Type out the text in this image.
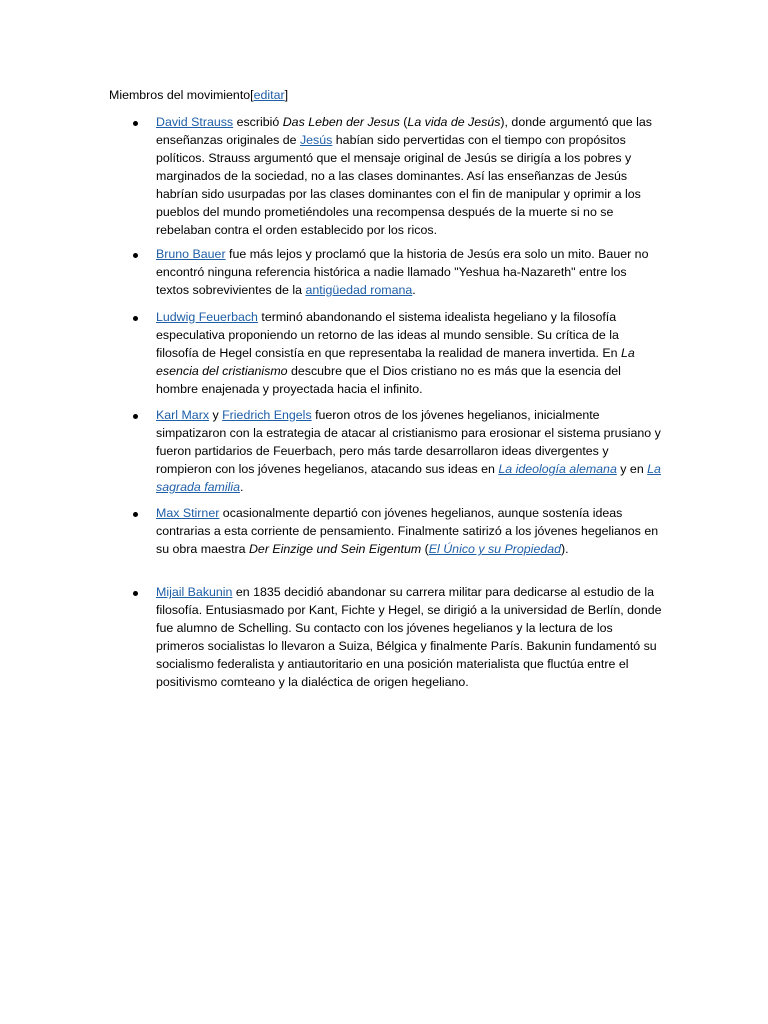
Miembros del movimiento[editar]

David Strauss escribió Das Leben der Jesus (La vida de Jesús), donde argumentó que las enseñanzas originales de Jesús habían sido pervertidas con el tiempo con propósitos políticos. Strauss argumentó que el mensaje original de Jesús se dirigía a los pobres y marginados de la sociedad, no a las clases dominantes. Así las enseñanzas de Jesús habrían sido usurpadas por las clases dominantes con el fin de manipular y oprimir a los pueblos del mundo prometiéndoles una recompensa después de la muerte si no se rebelaban contra el orden establecido por los ricos.

Bruno Bauer fue más lejos y proclamó que la historia de Jesús era solo un mito. Bauer no encontró ninguna referencia histórica a nadie llamado "Yeshua ha-Nazareth" entre los textos sobrevivientes de la antigüedad romana.

Ludwig Feuerbach terminó abandonando el sistema idealista hegeliano y la filosofía especulativa proponiendo un retorno de las ideas al mundo sensible. Su crítica de la filosofía de Hegel consistía en que representaba la realidad de manera invertida. En La esencia del cristianismo descubre que el Dios cristiano no es más que la esencia del hombre enajenada y proyectada hacia el infinito.

Karl Marx y Friedrich Engels fueron otros de los jóvenes hegelianos, inicialmente simpatizaron con la estrategia de atacar al cristianismo para erosionar el sistema prusiano y fueron partidarios de Feuerbach, pero más tarde desarrollaron ideas divergentes y rompieron con los jóvenes hegelianos, atacando sus ideas en La ideología alemana y en La sagrada familia.

Max Stirner ocasionalmente departió con jóvenes hegelianos, aunque sostenía ideas contrarias a esta corriente de pensamiento. Finalmente satirizó a los jóvenes hegelianos en su obra maestra Der Einzige und Sein Eigentum (El Único y su Propiedad).

Mijail Bakunin en 1835 decidió abandonar su carrera militar para dedicarse al estudio de la filosofía. Entusiasmado por Kant, Fichte y Hegel, se dirigió a la universidad de Berlín, donde fue alumno de Schelling. Su contacto con los jóvenes hegelianos y la lectura de los primeros socialistas lo llevaron a Suiza, Bélgica y finalmente París. Bakunin fundamentó su socialismo federalista y antiautoritario en una posición materialista que fluctúa entre el positivismo comteano y la dialéctica de origen hegeliano.
